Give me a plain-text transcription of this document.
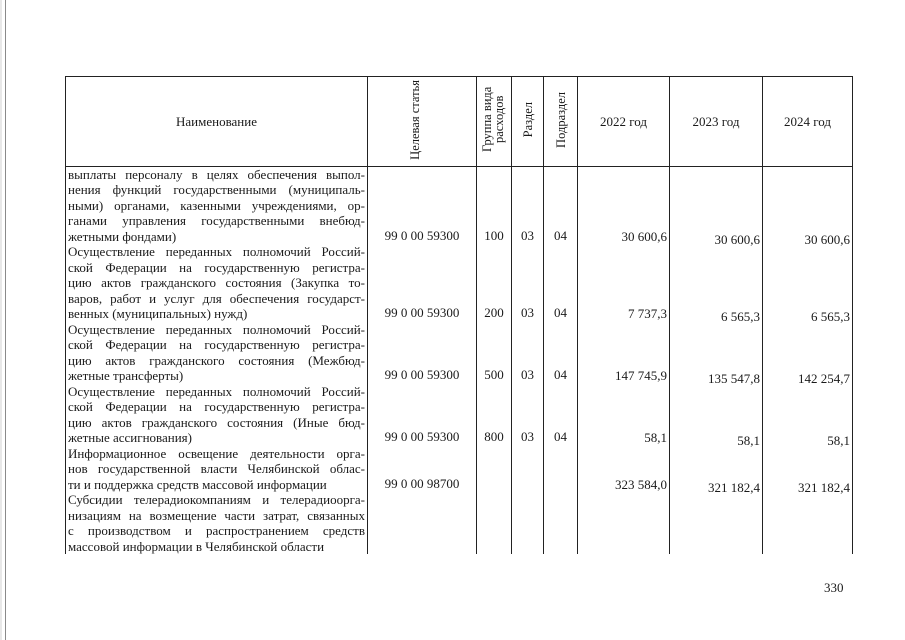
Наименование	Целевая статья	Группа вида расходов	Раздел	Подраздел	2022 год	2023 год	2024 год

выплаты персоналу в целях обеспечения выпол-
нения функций государственными (муниципаль-
ными) органами, казенными учреждениями, ор-
ганами управления государственными внебюд-
жетными фондами)	99 0 00 59300	100	03	04	30 600,6	30 600,6	30 600,6

Осуществление переданных полномочий Россий-
ской Федерации на государственную регистра-
цию актов гражданского состояния (Закупка то-
варов, работ и услуг для обеспечения государст-
венных (муниципальных) нужд)	99 0 00 59300	200	03	04	7 737,3	6 565,3	6 565,3

Осуществление переданных полномочий Россий-
ской Федерации на государственную регистра-
цию актов гражданского состояния (Межбюд-
жетные трансферты)	99 0 00 59300	500	03	04	147 745,9	135 547,8	142 254,7

Осуществление переданных полномочий Россий-
ской Федерации на государственную регистра-
цию актов гражданского состояния (Иные бюд-
жетные ассигнования)	99 0 00 59300	800	03	04	58,1	58,1	58,1

Информационное освещение деятельности орга-
нов государственной власти Челябинской облас-
ти и поддержка средств массовой информации	99 0 00 98700				323 584,0	321 182,4	321 182,4

Субсидии телерадиокомпаниям и телерадиоорга-
низациям на возмещение части затрат, связанных
с производством и распространением средств
массовой информации в Челябинской области							

330
